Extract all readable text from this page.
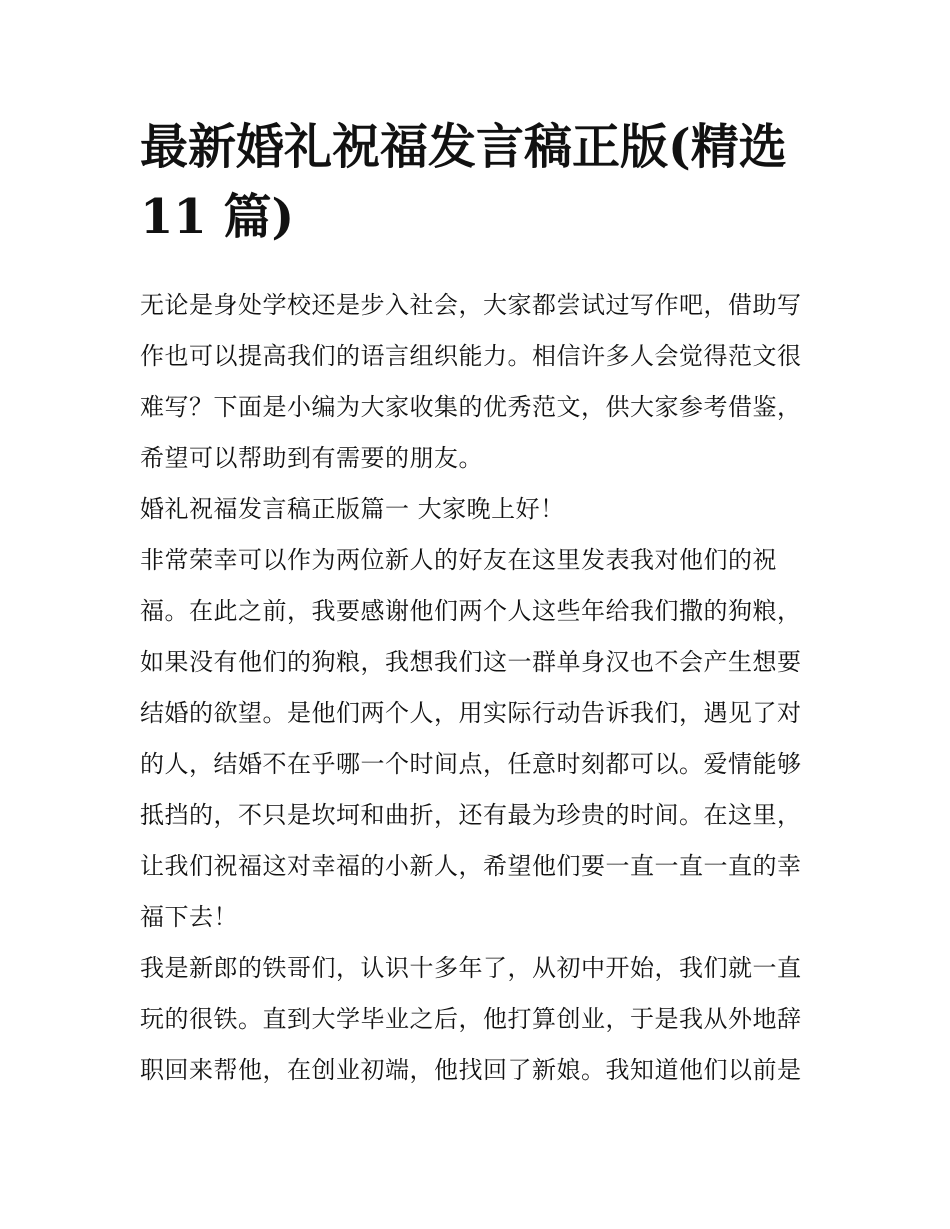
最新婚礼祝福发言稿正版(精选
11 篇)
无论是身处学校还是步入社会，大家都尝试过写作吧，借助写
作也可以提高我们的语言组织能力。相信许多人会觉得范文很
难写？下面是小编为大家收集的优秀范文，供大家参考借鉴，
希望可以帮助到有需要的朋友。
婚礼祝福发言稿正版篇一 大家晚上好！
非常荣幸可以作为两位新人的好友在这里发表我对他们的祝
福。在此之前，我要感谢他们两个人这些年给我们撒的狗粮，
如果没有他们的狗粮，我想我们这一群单身汉也不会产生想要
结婚的欲望。是他们两个人，用实际行动告诉我们，遇见了对
的人，结婚不在乎哪一个时间点，任意时刻都可以。爱情能够
抵挡的，不只是坎坷和曲折，还有最为珍贵的时间。在这里，
让我们祝福这对幸福的小新人，希望他们要一直一直一直的幸
福下去！
我是新郎的铁哥们，认识十多年了，从初中开始，我们就一直
玩的很铁。直到大学毕业之后，他打算创业，于是我从外地辞
职回来帮他，在创业初端，他找回了新娘。我知道他们以前是
